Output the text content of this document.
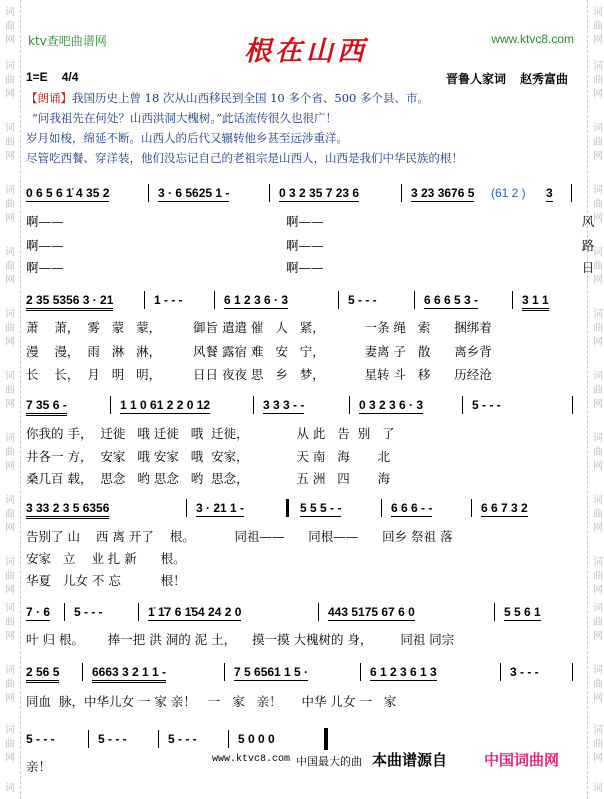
词
曲
网
词
曲
网
词
曲
网
词
曲
网
词
曲
网
词
曲
网
词
曲
网
词
曲
网
词
曲
网
词
曲
网
词
曲
网
词
曲
网
词
曲
网
词
词
曲
网
词
曲
网
词
曲
网
词
曲
网
词
曲
网
词
曲
网
词
曲
网
词
曲
网
词
曲
网
词
曲
网
词
曲
网
词
曲
网
词
曲
网
词
ktv查吧曲谱网	根在山西	www.ktvc8.com
1=E 4/4	晋鲁人家词 赵秀富曲
【朗诵】我国历史上曾 18 次从山西移民到全国 10 多个省、500 多个县、市。
“问我祖先在何处？山西洪洞大槐树。”此话流传很久也很广！
岁月如梭，绵延不断。山西人的后代又辗转他乡甚至远涉重洋。
尽管吃西餐、穿洋装，他们没忘记自己的老祖宗是山西人，山西是我们中华民族的根！
0 6 5 6 1̇ 4 35 2	3 · 6 5625 1 -	0 3 2 35 7 23 6	3 23 3676 5 (61 2 ) 3
啊——                                                        啊——                                                                 风
啊——                                                        啊——                                                                 路
啊——                                                        啊——                                                                 日
2 35 5356 3 · 21	1 - - -	6 1 2 3 6 · 3	5 - - -	6 6 6 5 3 -	3 1 1
萧    萧，  雾   蒙   蒙，        御旨 遣遣 催   人   紧，          一条 绳   索      捆绑着
漫    漫，  雨   淋   淋，        风餐 露宿 难   安   宁，          妻离 子   散      离乡背
长    长，  月   明   明，        日日 夜夜 思   乡   梦，          星转 斗   移      历经沧
7 35 6 -	1 1 0 61 2 2 0 12	3 3 3 - -	0 3 2 3 6 · 3	5 - - -
你我的 手，  迁徙   哦 迁徙   哦  迁徙，            从 此   告  别   了
井各一 方，  安家   哦 安家   哦  安家，            天 南   海       北
桑几百 载，  思念   哟 思念   哟  思念，            五 洲   四       海
3 33 2 3 5 6356	3 · 21 1 -	5 5 5 - -	6 6 6 - -	6 6 7 3 2
告别了 山    西 离 开了    根。          同祖——      同根——      回乡 祭祖 落
安家   立    业 扎 新      根。
华夏   儿女 不 忘          根！
7 · 6 5 - - -	1̇ 1̇7 6 1̇54 24 2 0	443 5175 67 6 0	5 5 6 1
叶 归 根。      捧一把 洪 洞的 泥 土，    摸一摸 大槐树的 身，       同祖 同宗
2 56 5	6663 3 2 1 1 -	7 5 6561 1 5 ·	6 1 2 3 6 1 3	3 - - -
同血  脉，中华儿女 一 家 亲！   一   家   亲！     中华 儿女 一   家
5 - - -	5 - - -	5 - - -	5 0 0 0
亲！	www.ktvc8.com 中国最大的曲 本曲谱源自 中国词曲网
